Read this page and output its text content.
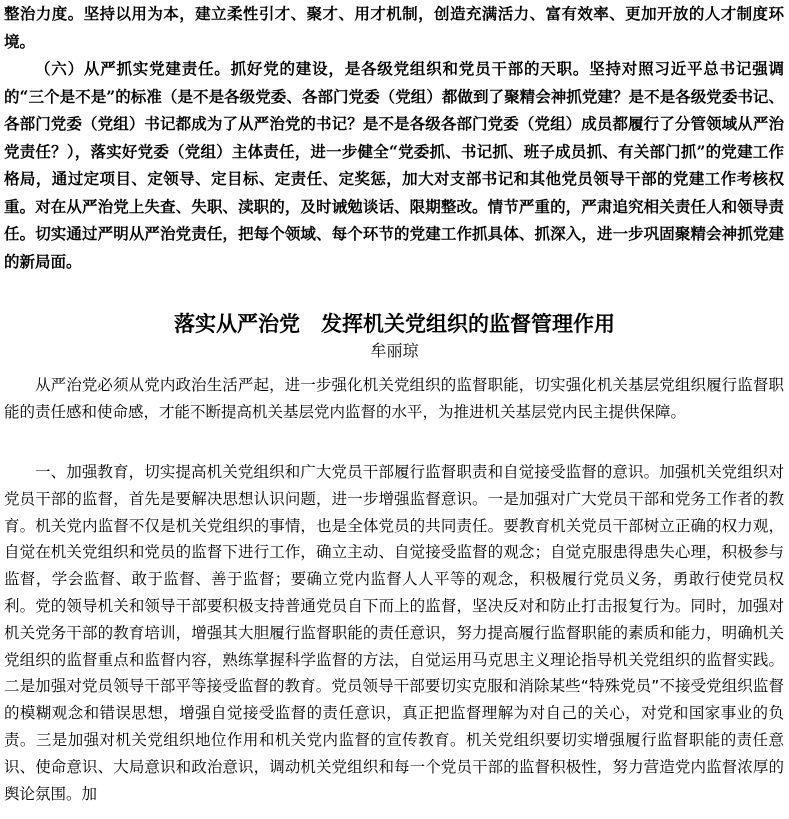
整治力度。坚持以用为本，建立柔性引才、聚才、用才机制，创造充满活力、富有效率、更加开放的人才制度环境。

（六）从严抓实党建责任。抓好党的建设，是各级党组织和党员干部的天职。坚持对照习近平总书记强调的“三个是不是”的标准（是不是各级党委、各部门党委（党组）都做到了聚精会神抓党建？是不是各级党委书记、各部门党委（党组）书记都成为了从严治党的书记？是不是各级各部门党委（党组）成员都履行了分管领域从严治党责任？），落实好党委（党组）主体责任，进一步健全“党委抓、书记抓、班子成员抓、有关部门抓”的党建工作格局，通过定项目、定领导、定目标、定责任、定奖惩，加大对支部书记和其他党员领导干部的党建工作考核权重。对在从严治党上失查、失职、渎职的，及时诫勉谈话、限期整改。情节严重的，严肃追究相关责任人和领导责任。切实通过严明从严治党责任，把每个领域、每个环节的党建工作抓具体、抓深入，进一步巩固聚精会神抓党建的新局面。

落实从严治党　发挥机关党组织的监督管理作用
牟丽琼

从严治党必须从党内政治生活严起，进一步强化机关党组织的监督职能，切实强化机关基层党组织履行监督职能的责任感和使命感，才能不断提高机关基层党内监督的水平，为推进机关基层党内民主提供保障。

一、加强教育，切实提高机关党组织和广大党员干部履行监督职责和自觉接受监督的意识。加强机关党组织对党员干部的监督，首先是要解决思想认识问题，进一步增强监督意识。一是加强对广大党员干部和党务工作者的教育。机关党内监督不仅是机关党组织的事情，也是全体党员的共同责任。要教育机关党员干部树立正确的权力观，自觉在机关党组织和党员的监督下进行工作，确立主动、自觉接受监督的观念；自觉克服患得患失心理，积极参与监督，学会监督、敢于监督、善于监督；要确立党内监督人人平等的观念，积极履行党员义务，勇敢行使党员权利。党的领导机关和领导干部要积极支持普通党员自下而上的监督，坚决反对和防止打击报复行为。同时，加强对机关党务干部的教育培训，增强其大胆履行监督职能的责任意识，努力提高履行监督职能的素质和能力，明确机关党组织的监督重点和监督内容，熟练掌握科学监督的方法，自觉运用马克思主义理论指导机关党组织的监督实践。二是加强对党员领导干部平等接受监督的教育。党员领导干部要切实克服和消除某些“特殊党员”不接受党组织监督的模糊观念和错误思想，增强自觉接受监督的责任意识，真正把监督理解为对自己的关心，对党和国家事业的负责。三是加强对机关党组织地位作用和机关党内监督的宣传教育。机关党组织要切实增强履行监督职能的责任意识、使命意识、大局意识和政治意识，调动机关党组织和每一个党员干部的监督积极性，努力营造党内监督浓厚的舆论氛围。加
